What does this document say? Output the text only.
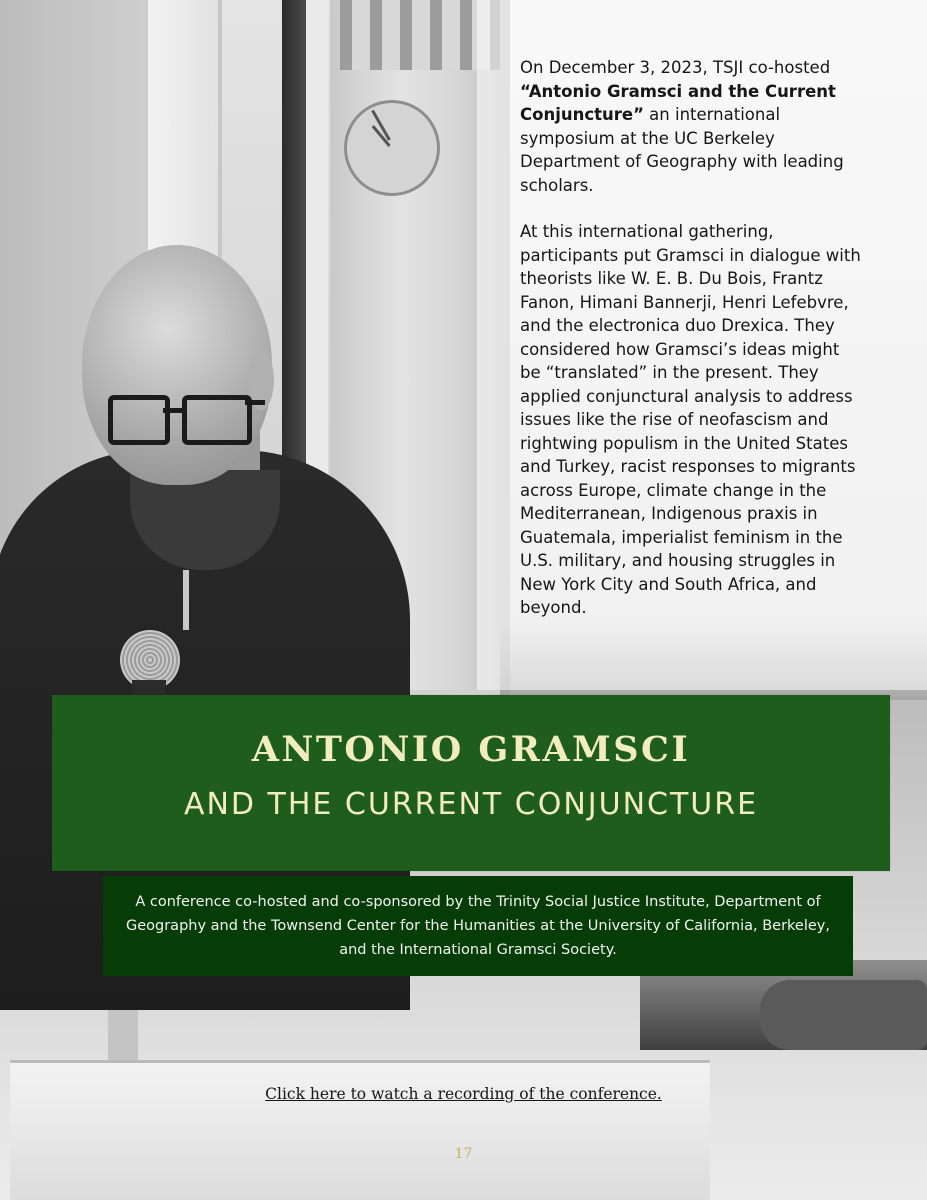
On December 3, 2023, TSJI co-hosted “Antonio Gramsci and the Current Conjuncture” an international symposium at the UC Berkeley Department of Geography with leading scholars.

At this international gathering, participants put Gramsci in dialogue with theorists like W. E. B. Du Bois, Frantz Fanon, Himani Bannerji, Henri Lefebvre, and the electronica duo Drexica. They considered how Gramsci’s ideas might be “translated” in the present. They applied conjunctural analysis to address issues like the rise of neofascism and rightwing populism in the United States and Turkey, racist responses to migrants across Europe, climate change in the Mediterranean, Indigenous praxis in Guatemala, imperialist feminism in the U.S. military, and housing struggles in New York City and South Africa, and beyond.

ANTONIO GRAMSCI
AND THE CURRENT CONJUNCTURE
A conference co-hosted and co-sponsored by the Trinity Social Justice Institute, Department of Geography and the Townsend Center for the Humanities at the University of California, Berkeley, and the International Gramsci Society.
Click here to watch a recording of the conference.
17
